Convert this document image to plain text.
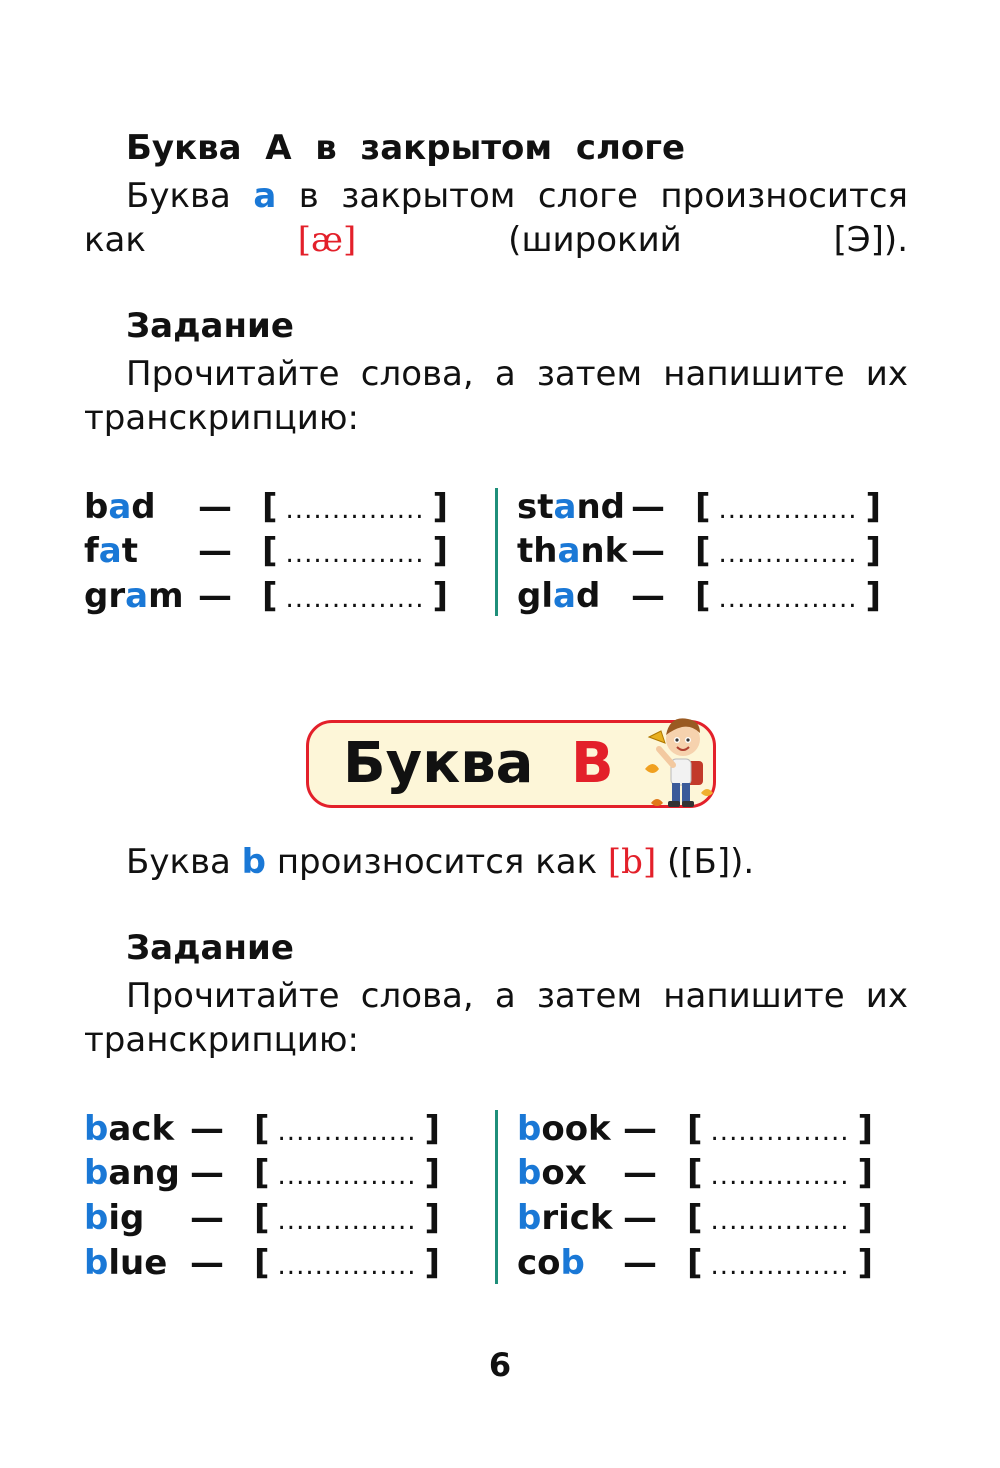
Буква  А  в  закрытом  слоге
Буква a в закрытом слоге произносится как [æ] (широкий [Э]).
Задание
Прочитайте слова, а затем напишите их транскрипцию:
bad	— [ ............... ]
fat	— [ ............... ]
gram — [ ............... ]
stand — [ ............... ]
thank — [ ............... ]
glad — [ ............... ]
Буква B
Буква b произносится как [b] ([Б]).
Задание
Прочитайте слова, а затем напишите их транскрипцию:
back — [ ............... ]
bang — [ ............... ]
big	— [ ............... ]
blue — [ ............... ]
book — [ ............... ]
box	— [ ............... ]
brick — [ ............... ]
cob	— [ ............... ]
6
